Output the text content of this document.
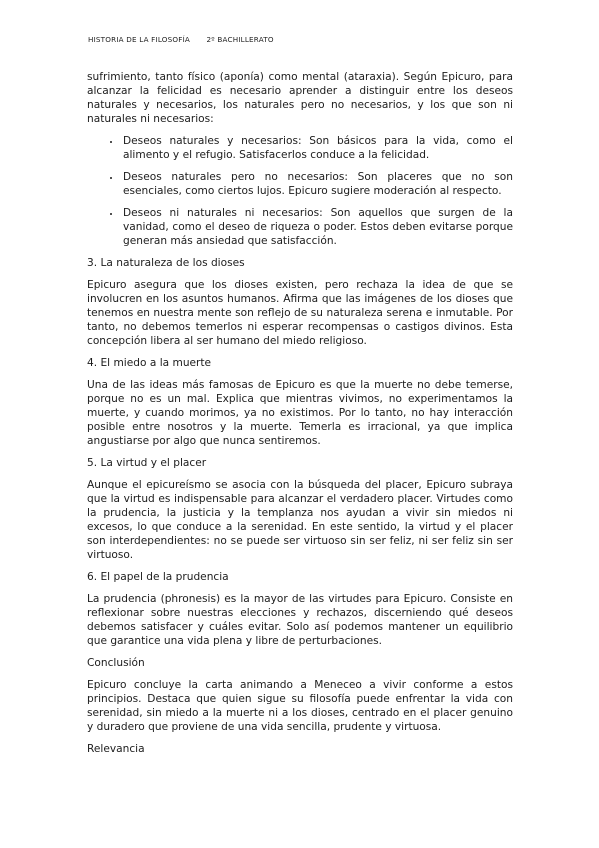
HISTORIA DE LA FILOSOFÍA 2º BACHILLERATO

sufrimiento, tanto físico (aponía) como mental (ataraxia). Según Epicuro, para alcanzar la felicidad es necesario aprender a distinguir entre los deseos naturales y necesarios, los naturales pero no necesarios, y los que son ni naturales ni necesarios:

• Deseos naturales y necesarios: Son básicos para la vida, como el alimento y el refugio. Satisfacerlos conduce a la felicidad.
• Deseos naturales pero no necesarios: Son placeres que no son esenciales, como ciertos lujos. Epicuro sugiere moderación al respecto.
• Deseos ni naturales ni necesarios: Son aquellos que surgen de la vanidad, como el deseo de riqueza o poder. Estos deben evitarse porque generan más ansiedad que satisfacción.

3. La naturaleza de los dioses

Epicuro asegura que los dioses existen, pero rechaza la idea de que se involucren en los asuntos humanos. Afirma que las imágenes de los dioses que tenemos en nuestra mente son reflejo de su naturaleza serena e inmutable. Por tanto, no debemos temerlos ni esperar recompensas o castigos divinos. Esta concepción libera al ser humano del miedo religioso.

4. El miedo a la muerte

Una de las ideas más famosas de Epicuro es que la muerte no debe temerse, porque no es un mal. Explica que mientras vivimos, no experimentamos la muerte, y cuando morimos, ya no existimos. Por lo tanto, no hay interacción posible entre nosotros y la muerte. Temerla es irracional, ya que implica angustiarse por algo que nunca sentiremos.

5. La virtud y el placer

Aunque el epicureísmo se asocia con la búsqueda del placer, Epicuro subraya que la virtud es indispensable para alcanzar el verdadero placer. Virtudes como la prudencia, la justicia y la templanza nos ayudan a vivir sin miedos ni excesos, lo que conduce a la serenidad. En este sentido, la virtud y el placer son interdependientes: no se puede ser virtuoso sin ser feliz, ni ser feliz sin ser virtuoso.

6. El papel de la prudencia

La prudencia (phronesis) es la mayor de las virtudes para Epicuro. Consiste en reflexionar sobre nuestras elecciones y rechazos, discerniendo qué deseos debemos satisfacer y cuáles evitar. Solo así podemos mantener un equilibrio que garantice una vida plena y libre de perturbaciones.

Conclusión

Epicuro concluye la carta animando a Meneceo a vivir conforme a estos principios. Destaca que quien sigue su filosofía puede enfrentar la vida con serenidad, sin miedo a la muerte ni a los dioses, centrado en el placer genuino y duradero que proviene de una vida sencilla, prudente y virtuosa.

Relevancia
